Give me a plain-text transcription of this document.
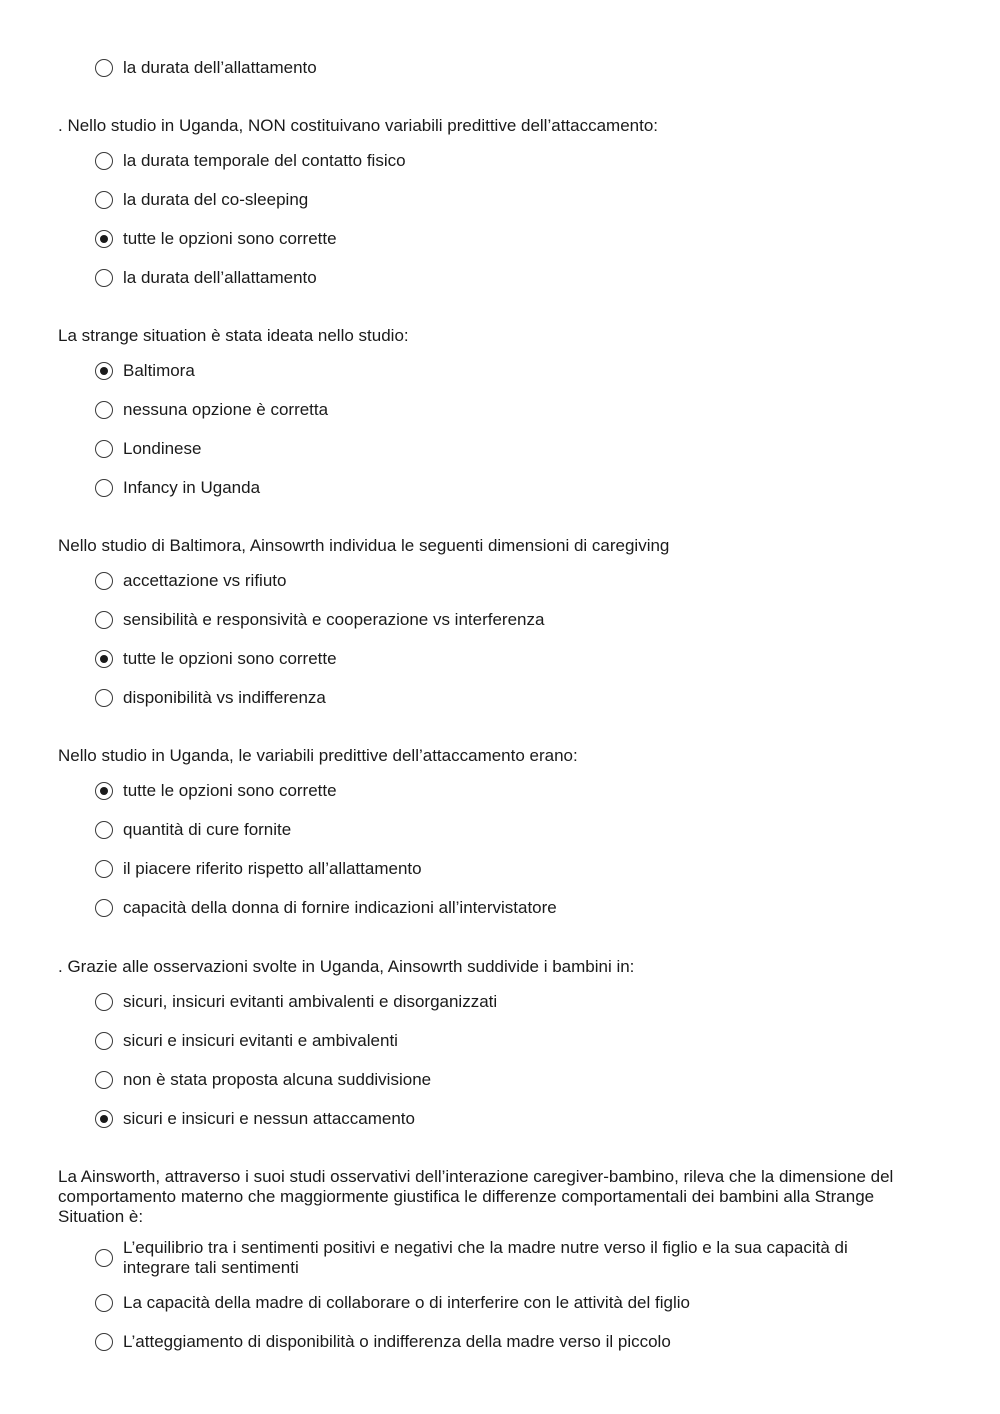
la durata dell’allattamento

. Nello studio in Uganda, NON costituivano variabili predittive dell’attaccamento:

la durata temporale del contatto fisico
la durata del co-sleeping
tutte le opzioni sono corrette
la durata dell’allattamento

La strange situation è stata ideata nello studio:

Baltimora
nessuna opzione è corretta
Londinese
Infancy in Uganda

Nello studio di Baltimora, Ainsowrth individua le seguenti dimensioni di caregiving

accettazione vs rifiuto
sensibilità e responsività e cooperazione vs interferenza
tutte le opzioni sono corrette
disponibilità vs indifferenza

Nello studio in Uganda, le variabili predittive dell’attaccamento erano:

tutte le opzioni sono corrette
quantità di cure fornite
il piacere riferito rispetto all’allattamento
capacità della donna di fornire indicazioni all’intervistatore

. Grazie alle osservazioni svolte in Uganda, Ainsowrth suddivide i bambini in:

sicuri, insicuri evitanti ambivalenti e disorganizzati
sicuri e insicuri evitanti e ambivalenti
non è stata proposta alcuna suddivisione
sicuri e insicuri e nessun attaccamento

La Ainsworth, attraverso i suoi studi osservativi dell’interazione caregiver-bambino, rileva che la dimensione del comportamento materno che maggiormente giustifica le differenze comportamentali dei bambini alla Strange Situation è:

L’equilibrio tra i sentimenti positivi e negativi che la madre nutre verso il figlio e la sua capacità di integrare tali sentimenti
La capacità della madre di collaborare o di interferire con le attività del figlio
L’atteggiamento di disponibilità o indifferenza della madre verso il piccolo
